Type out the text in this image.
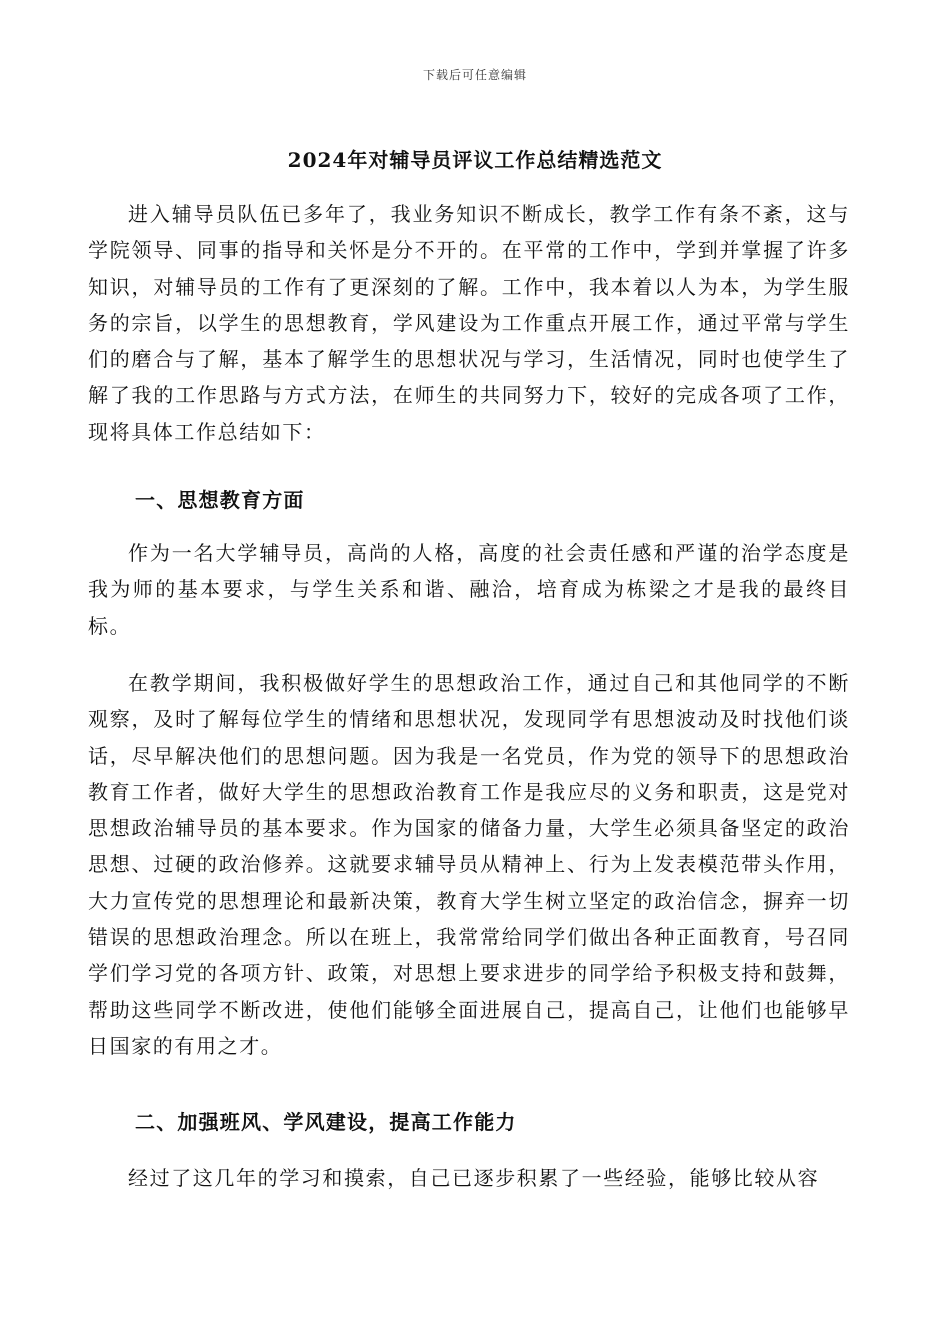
下载后可任意编辑
2024年对辅导员评议工作总结精选范文

进入辅导员队伍已多年了，我业务知识不断成长，教学工作有条不紊，这与学院领导、同事的指导和关怀是分不开的。在平常的工作中，学到并掌握了许多知识，对辅导员的工作有了更深刻的了解。工作中，我本着以人为本，为学生服务的宗旨，以学生的思想教育，学风建设为工作重点开展工作，通过平常与学生们的磨合与了解，基本了解学生的思想状况与学习，生活情况，同时也使学生了解了我的工作思路与方式方法，在师生的共同努力下，较好的完成各项了工作，现将具体工作总结如下：

一、思想教育方面

作为一名大学辅导员，高尚的人格，高度的社会责任感和严谨的治学态度是我为师的基本要求，与学生关系和谐、融洽，培育成为栋梁之才是我的最终目标。

在教学期间，我积极做好学生的思想政治工作，通过自己和其他同学的不断观察，及时了解每位学生的情绪和思想状况，发现同学有思想波动及时找他们谈话，尽早解决他们的思想问题。因为我是一名党员，作为党的领导下的思想政治教育工作者，做好大学生的思想政治教育工作是我应尽的义务和职责，这是党对思想政治辅导员的基本要求。作为国家的储备力量，大学生必须具备坚定的政治思想、过硬的政治修养。这就要求辅导员从精神上、行为上发表模范带头作用，大力宣传党的思想理论和最新决策，教育大学生树立坚定的政治信念，摒弃一切错误的思想政治理念。所以在班上，我常常给同学们做出各种正面教育，号召同学们学习党的各项方针、政策，对思想上要求进步的同学给予积极支持和鼓舞，帮助这些同学不断改进，使他们能够全面进展自己，提高自己，让他们也能够早日国家的有用之才。

二、加强班风、学风建设，提高工作能力

经过了这几年的学习和摸索，自己已逐步积累了一些经验，能够比较从容
